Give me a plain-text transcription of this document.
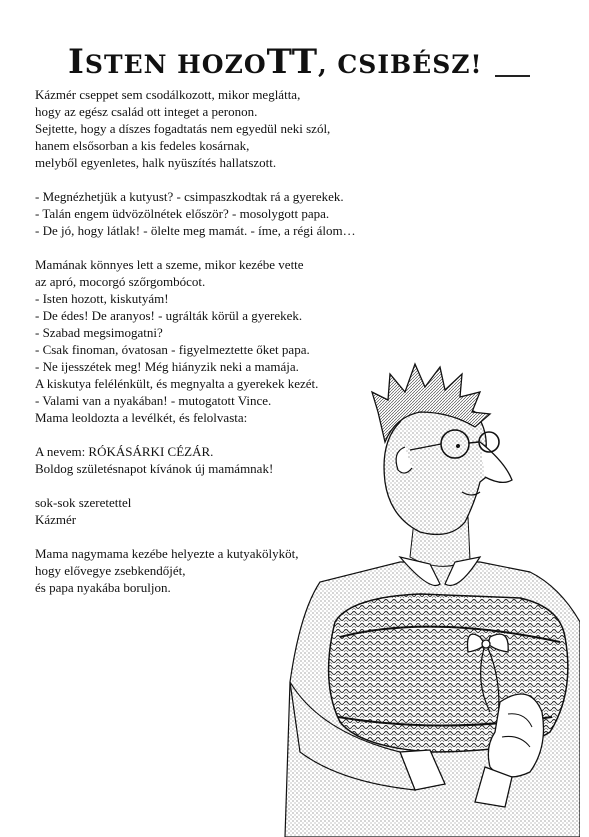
ISTEN HOZOTT, CSIBÉSZ!
Kázmér cseppet sem csodálkozott, mikor meglátta,
hogy az egész család ott integet a peronon.
Sejtette, hogy a díszes fogadtatás nem egyedül neki szól,
hanem elsősorban a kis fedeles kosárnak,
melyből egyenletes, halk nyüszítés hallatszott.
- Megnézhetjük a kutyust? - csimpaszkodtak rá a gyerekek.
- Talán engem üdvözölnétek először? - mosolygott papa.
- De jó, hogy látlak! - ölelte meg mamát. - íme, a régi álom…
Mamának könnyes lett a szeme, mikor kezébe vette
az apró, mocorgó szőrgombócot.
- Isten hozott, kiskutyám!
- De édes! De aranyos! - ugrálták körül a gyerekek.
- Szabad megsimogatni?
- Csak finoman, óvatosan - figyelmeztette őket papa.
- Ne ijesszétek meg! Még hiányzik neki a mamája.
A kiskutya felélénkült, és megnyalta a gyerekek kezét.
- Valami van a nyakában! - mutogatott Vince.
Mama leoldozta a levélkét, és felolvasta:
A nevem: RÓKÁSÁRKI CÉZÁR.
Boldog születésnapot kívánok új mamámnak!
sok-sok szeretettel
Kázmér
Mama nagymama kezébe helyezte a kutyakölyköt,
hogy elővegye zsebkendőjét,
és papa nyakába boruljon.
